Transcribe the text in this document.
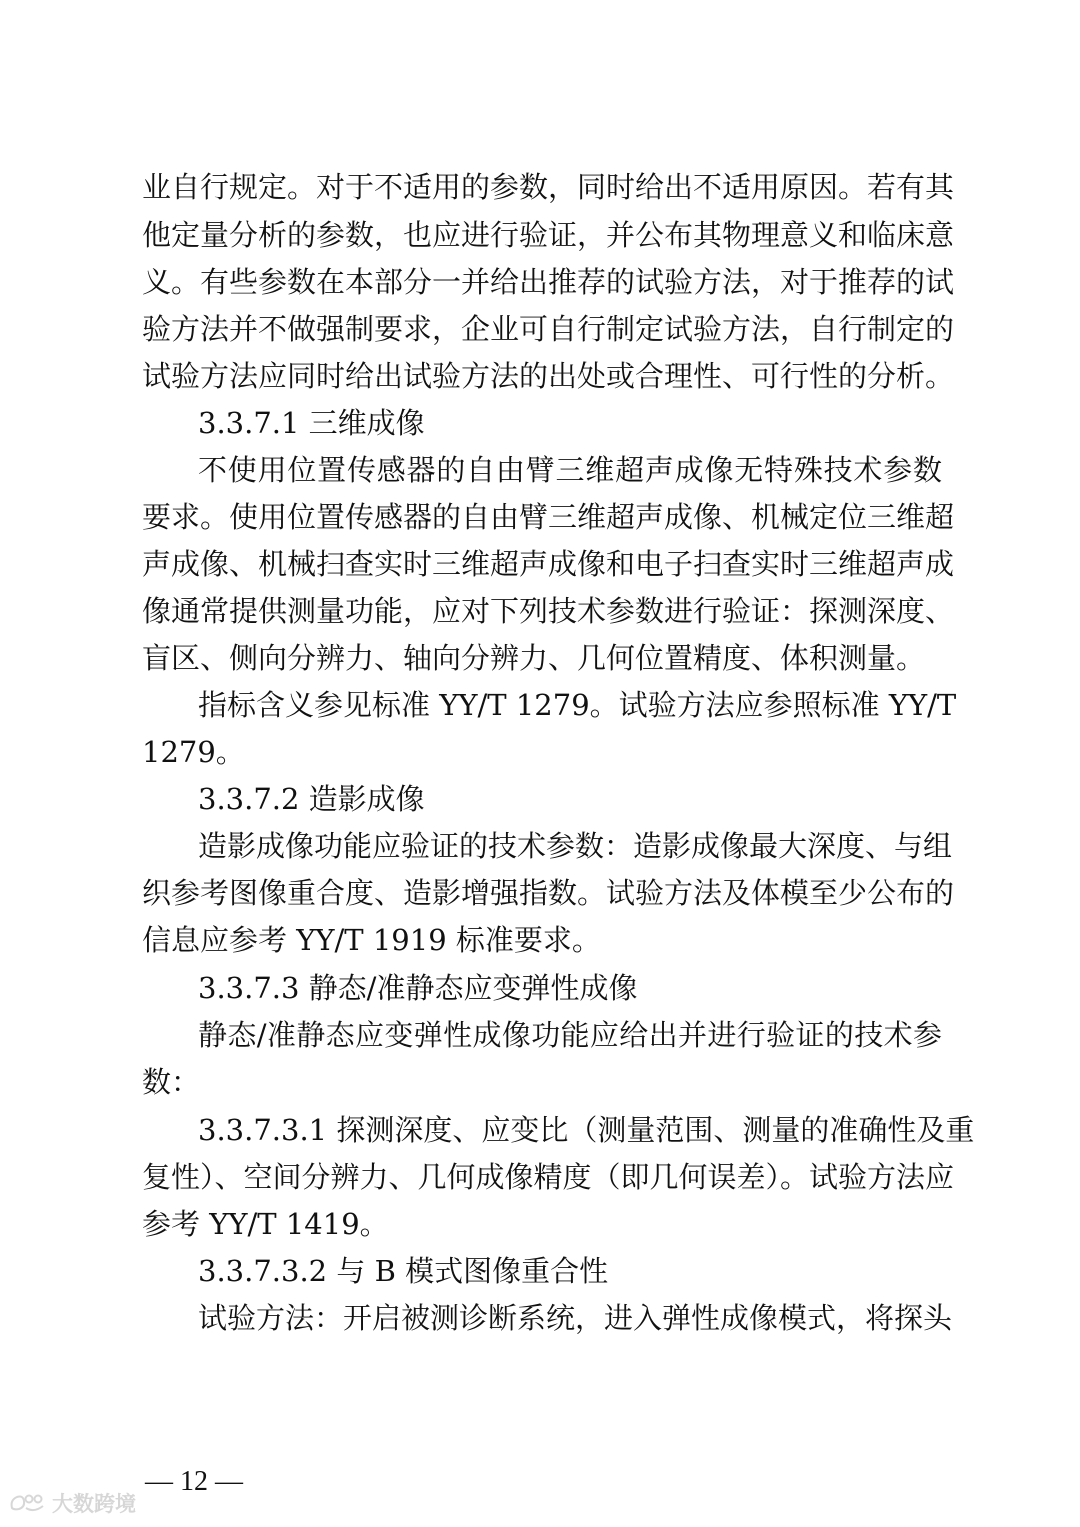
业自行规定。对于不适用的参数，同时给出不适用原因。若有其
他定量分析的参数，也应进行验证，并公布其物理意义和临床意
义。有些参数在本部分一并给出推荐的试验方法，对于推荐的试
验方法并不做强制要求，企业可自行制定试验方法，自行制定的
试验方法应同时给出试验方法的出处或合理性、可行性的分析。
3.3.7.1 三维成像
不使用位置传感器的自由臂三维超声成像无特殊技术参数
要求。使用位置传感器的自由臂三维超声成像、机械定位三维超
声成像、机械扫查实时三维超声成像和电子扫查实时三维超声成
像通常提供测量功能，应对下列技术参数进行验证：探测深度、
盲区、侧向分辨力、轴向分辨力、几何位置精度、体积测量。
指标含义参见标准 YY/T 1279。试验方法应参照标准 YY/T
1279。
3.3.7.2 造影成像
造影成像功能应验证的技术参数：造影成像最大深度、与组
织参考图像重合度、造影增强指数。试验方法及体模至少公布的
信息应参考 YY/T 1919 标准要求。
3.3.7.3 静态/准静态应变弹性成像
静态/准静态应变弹性成像功能应给出并进行验证的技术参
数：
3.3.7.3.1 探测深度、应变比（测量范围、测量的准确性及重
复性）、空间分辨力、几何成像精度（即几何误差）。试验方法应
参考 YY/T 1419。
3.3.7.3.2 与 B 模式图像重合性
试验方法：开启被测诊断系统，进入弹性成像模式，将探头
— 12 —
大数跨境
